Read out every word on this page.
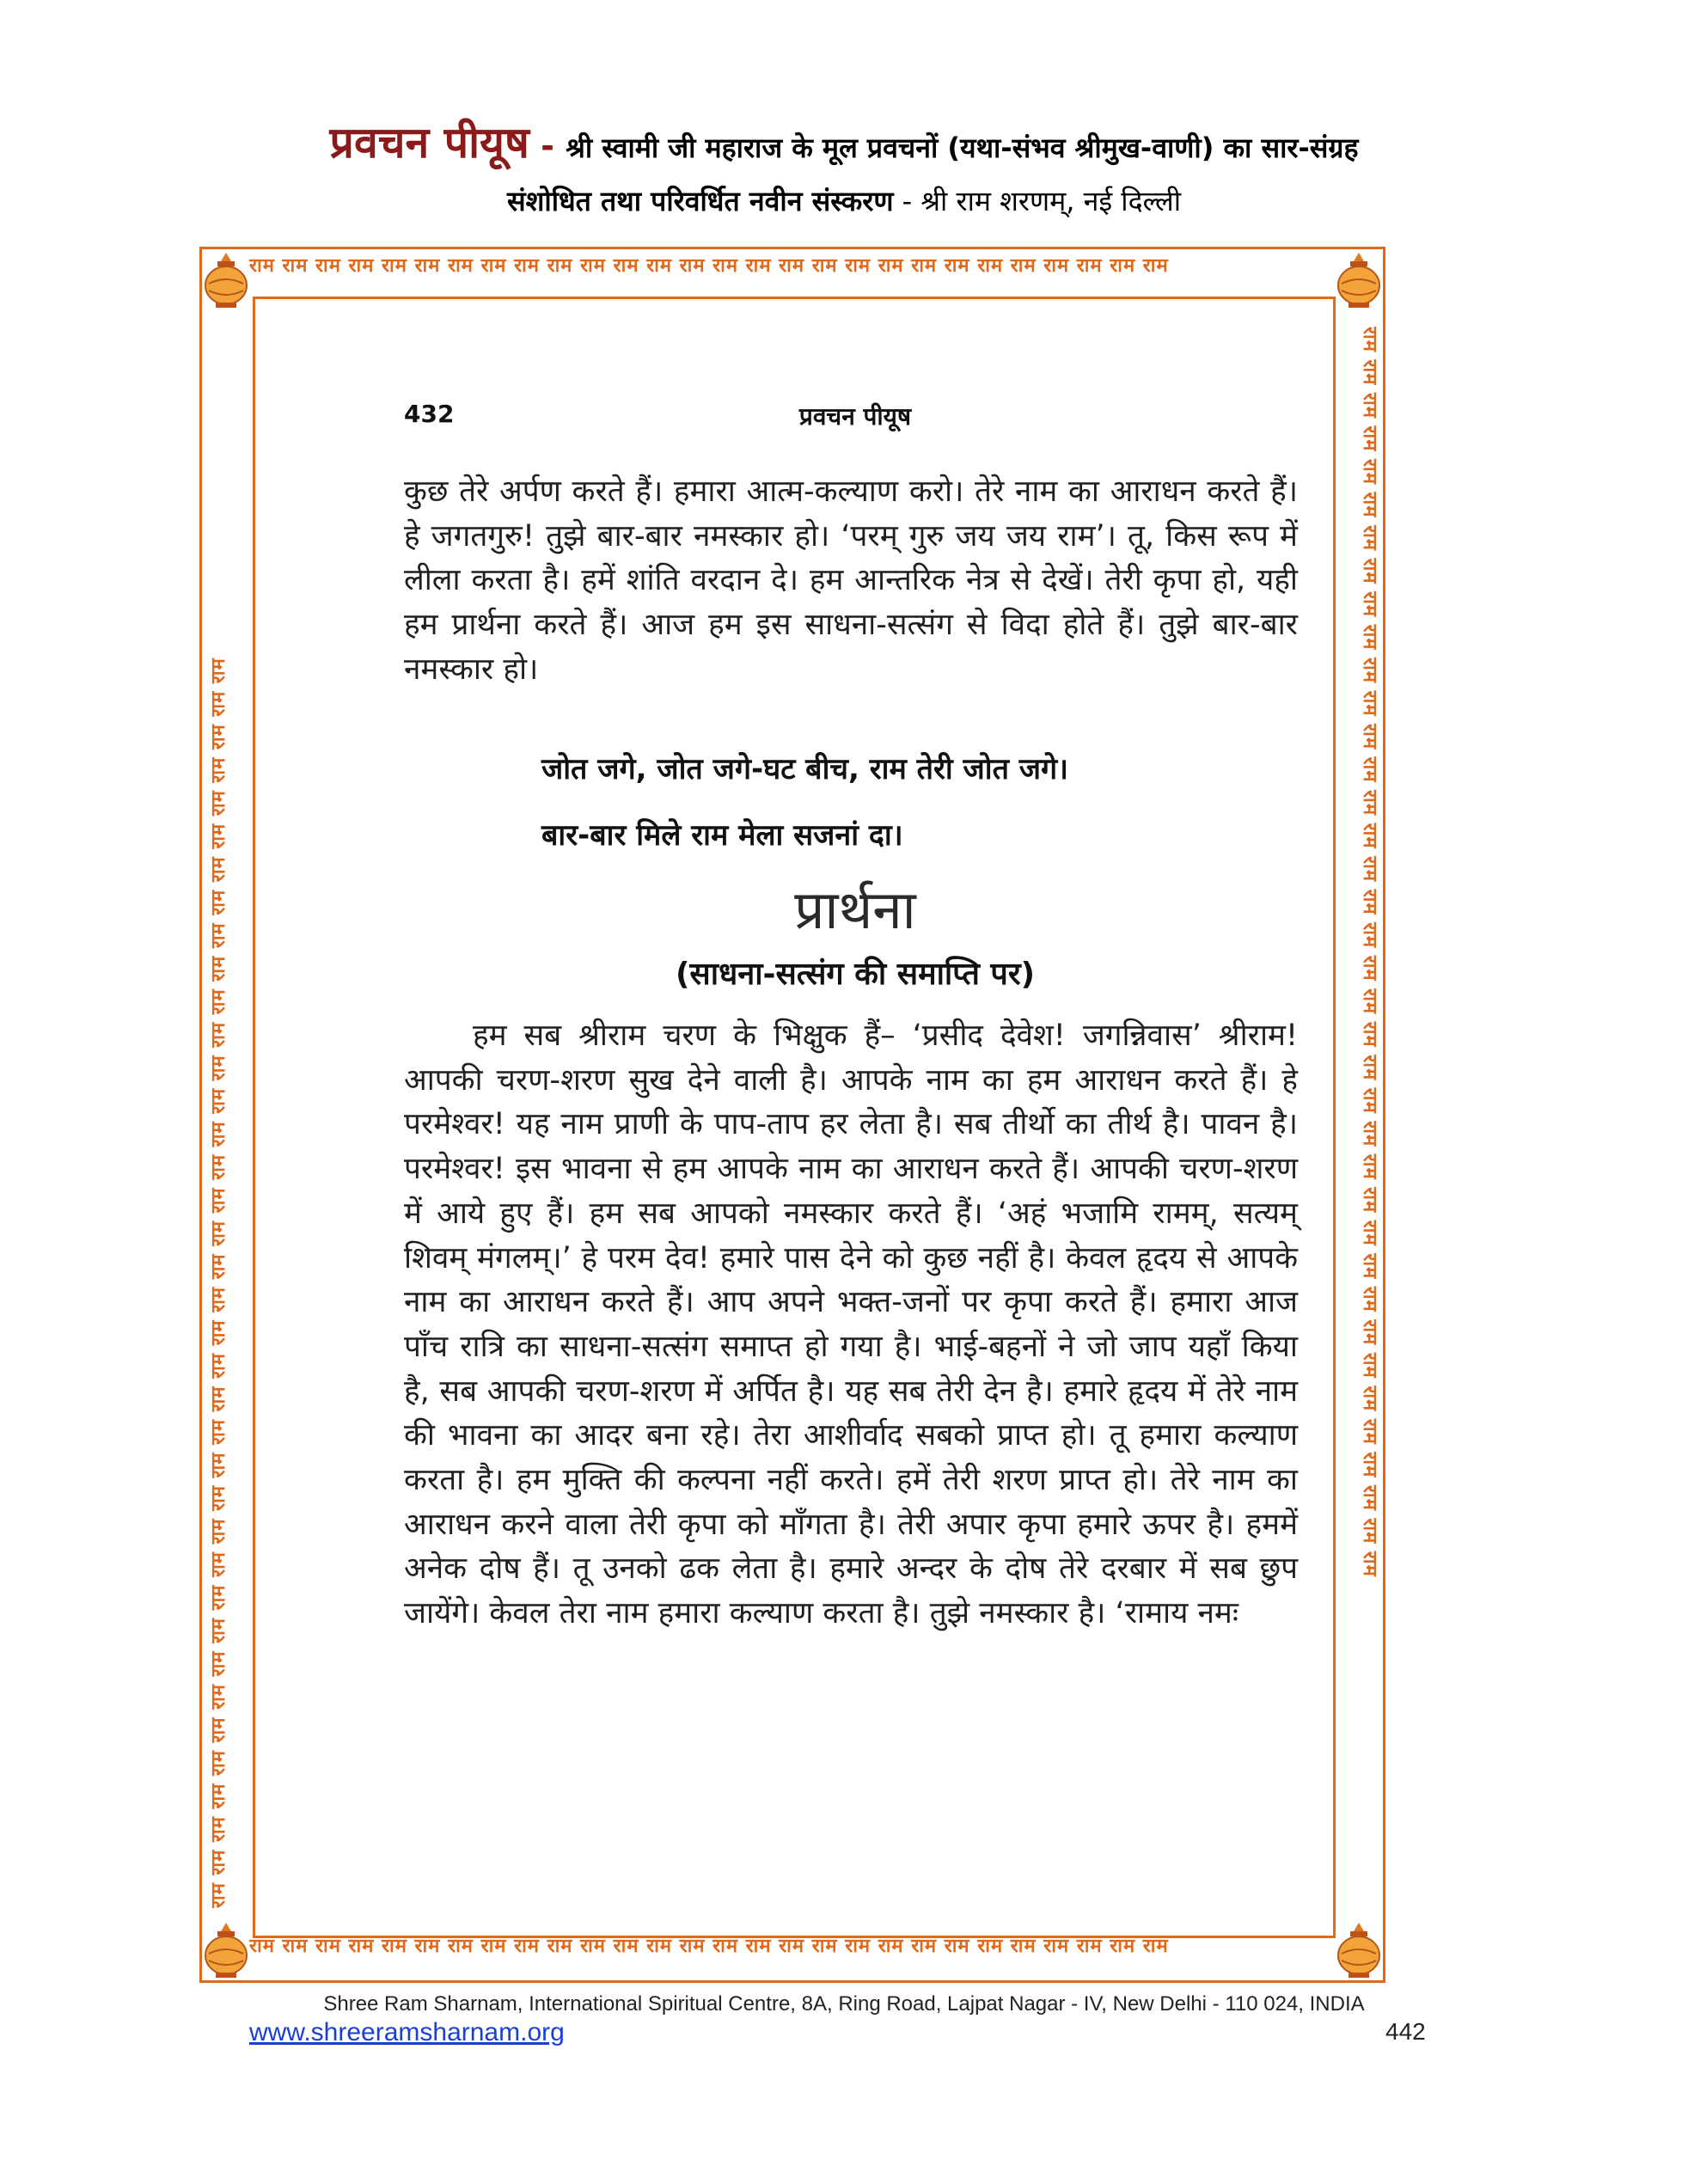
प्रवचन पीयूष - श्री स्वामी जी महाराज के मूल प्रवचनों (यथा-संभव श्रीमुख-वाणी) का सार-संग्रह
संशोधित तथा परिवर्धित नवीन संस्करण - श्री राम शरणम्, नई दिल्ली
राम राम राम राम राम राम राम राम राम राम राम राम राम राम राम राम राम राम राम राम राम राम राम राम राम राम राम राम
राम राम राम राम राम राम राम राम राम राम राम राम राम राम राम राम राम राम राम राम राम राम राम राम राम राम राम राम
राम राम राम राम राम राम राम राम राम राम राम राम राम राम राम राम राम राम राम राम राम राम राम राम राम राम राम राम राम राम राम राम राम राम राम राम राम राम	राम राम राम राम राम राम राम राम राम राम राम राम राम राम राम राम राम राम राम राम राम राम राम राम राम राम राम राम राम राम राम राम राम राम राम राम राम राम
432	प्रवचन पीयूष
कुछ तेरे अर्पण करते हैं। हमारा आत्म-कल्याण करो। तेरे नाम का आराधन करते हैं। हे जगतगुरु! तुझे बार-बार नमस्कार हो। ‘परम् गुरु जय जय राम’। तू, किस रूप में लीला करता है। हमें शांति वरदान दे। हम आन्तरिक नेत्र से देखें। तेरी कृपा हो, यही हम प्रार्थना करते हैं। आज हम इस साधना-सत्संग से विदा होते हैं। तुझे बार-बार नमस्कार हो।
जोत जगे, जोत जगे-घट बीच, राम तेरी जोत जगे।
बार-बार मिले राम मेला सजनां दा।
प्रार्थना
(साधना-सत्संग की समाप्ति पर)
हम सब श्रीराम चरण के भिक्षुक हैं– ‘प्रसीद देवेश! जगन्निवास’ श्रीराम! आपकी चरण-शरण सुख देने वाली है। आपके नाम का हम आराधन करते हैं। हे परमेश्वर! यह नाम प्राणी के पाप-ताप हर लेता है। सब तीर्थो का तीर्थ है। पावन है। परमेश्वर! इस भावना से हम आपके नाम का आराधन करते हैं। आपकी चरण-शरण में आये हुए हैं। हम सब आपको नमस्कार करते हैं। ‘अहं भजामि रामम्, सत्यम् शिवम् मंगलम्।’ हे परम देव! हमारे पास देने को कुछ नहीं है। केवल हृदय से आपके नाम का आराधन करते हैं। आप अपने भक्त-जनों पर कृपा करते हैं। हमारा आज पाँच रात्रि का साधना-सत्संग समाप्त हो गया है। भाई-बहनों ने जो जाप यहाँ किया है, सब आपकी चरण-शरण में अर्पित है। यह सब तेरी देन है। हमारे हृदय में तेरे नाम की भावना का आदर बना रहे। तेरा आशीर्वाद सबको प्राप्त हो। तू हमारा कल्याण करता है। हम मुक्ति की कल्पना नहीं करते। हमें तेरी शरण प्राप्त हो। तेरे नाम का आराधन करने वाला तेरी कृपा को माँगता है। तेरी अपार कृपा हमारे ऊपर है। हममें अनेक दोष हैं। तू उनको ढक लेता है। हमारे अन्दर के दोष तेरे दरबार में सब छुप जायेंगे। केवल तेरा नाम हमारा कल्याण करता है। तुझे नमस्कार है। ‘रामाय नमः
Shree Ram Sharnam, International Spiritual Centre, 8A, Ring Road, Lajpat Nagar - IV, New Delhi - 110 024, INDIA
www.shreeramsharnam.org	442
